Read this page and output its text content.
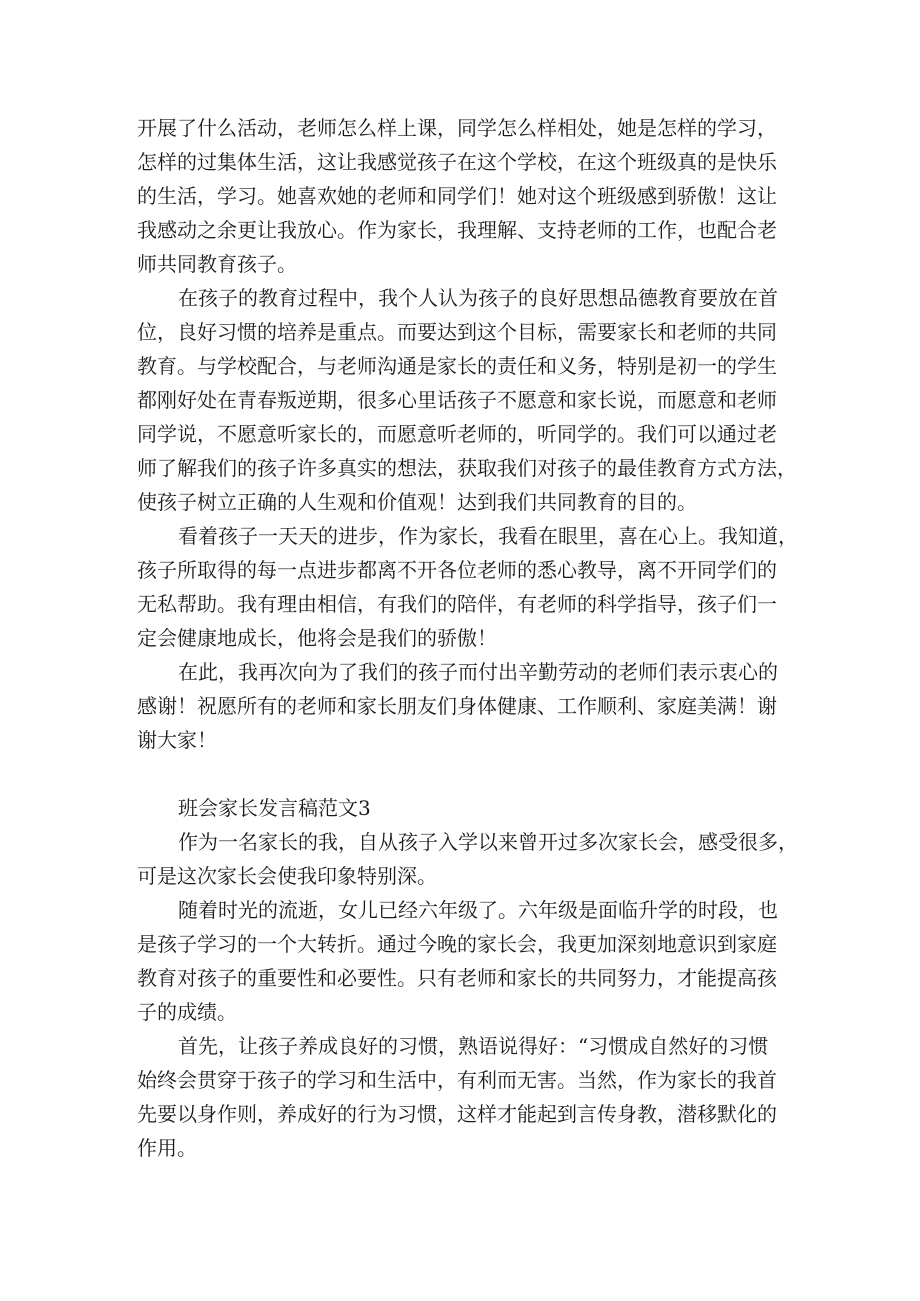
开展了什么活动，老师怎么样上课，同学怎么样相处，她是怎样的学习，
怎样的过集体生活，这让我感觉孩子在这个学校，在这个班级真的是快乐
的生活，学习。她喜欢她的老师和同学们！她对这个班级感到骄傲！这让
我感动之余更让我放心。作为家长，我理解、支持老师的工作，也配合老
师共同教育孩子。
在孩子的教育过程中，我个人认为孩子的良好思想品德教育要放在首
位，良好习惯的培养是重点。而要达到这个目标，需要家长和老师的共同
教育。与学校配合，与老师沟通是家长的责任和义务，特别是初一的学生
都刚好处在青春叛逆期，很多心里话孩子不愿意和家长说，而愿意和老师
同学说，不愿意听家长的，而愿意听老师的，听同学的。我们可以通过老
师了解我们的孩子许多真实的想法，获取我们对孩子的最佳教育方式方法，
使孩子树立正确的人生观和价值观！达到我们共同教育的目的。
看着孩子一天天的进步，作为家长，我看在眼里，喜在心上。我知道，
孩子所取得的每一点进步都离不开各位老师的悉心教导，离不开同学们的
无私帮助。我有理由相信，有我们的陪伴，有老师的科学指导，孩子们一
定会健康地成长，他将会是我们的骄傲！
在此，我再次向为了我们的孩子而付出辛勤劳动的老师们表示衷心的
感谢！祝愿所有的老师和家长朋友们身体健康、工作顺利、家庭美满！谢
谢大家！
班会家长发言稿范文3
作为一名家长的我，自从孩子入学以来曾开过多次家长会，感受很多，
可是这次家长会使我印象特别深。
随着时光的流逝，女儿已经六年级了。六年级是面临升学的时段，也
是孩子学习的一个大转折。通过今晚的家长会，我更加深刻地意识到家庭
教育对孩子的重要性和必要性。只有老师和家长的共同努力，才能提高孩
子的成绩。
首先，让孩子养成良好的习惯，熟语说得好：“习惯成自然好的习惯
始终会贯穿于孩子的学习和生活中，有利而无害。当然，作为家长的我首
先要以身作则，养成好的行为习惯，这样才能起到言传身教，潜移默化的
作用。
